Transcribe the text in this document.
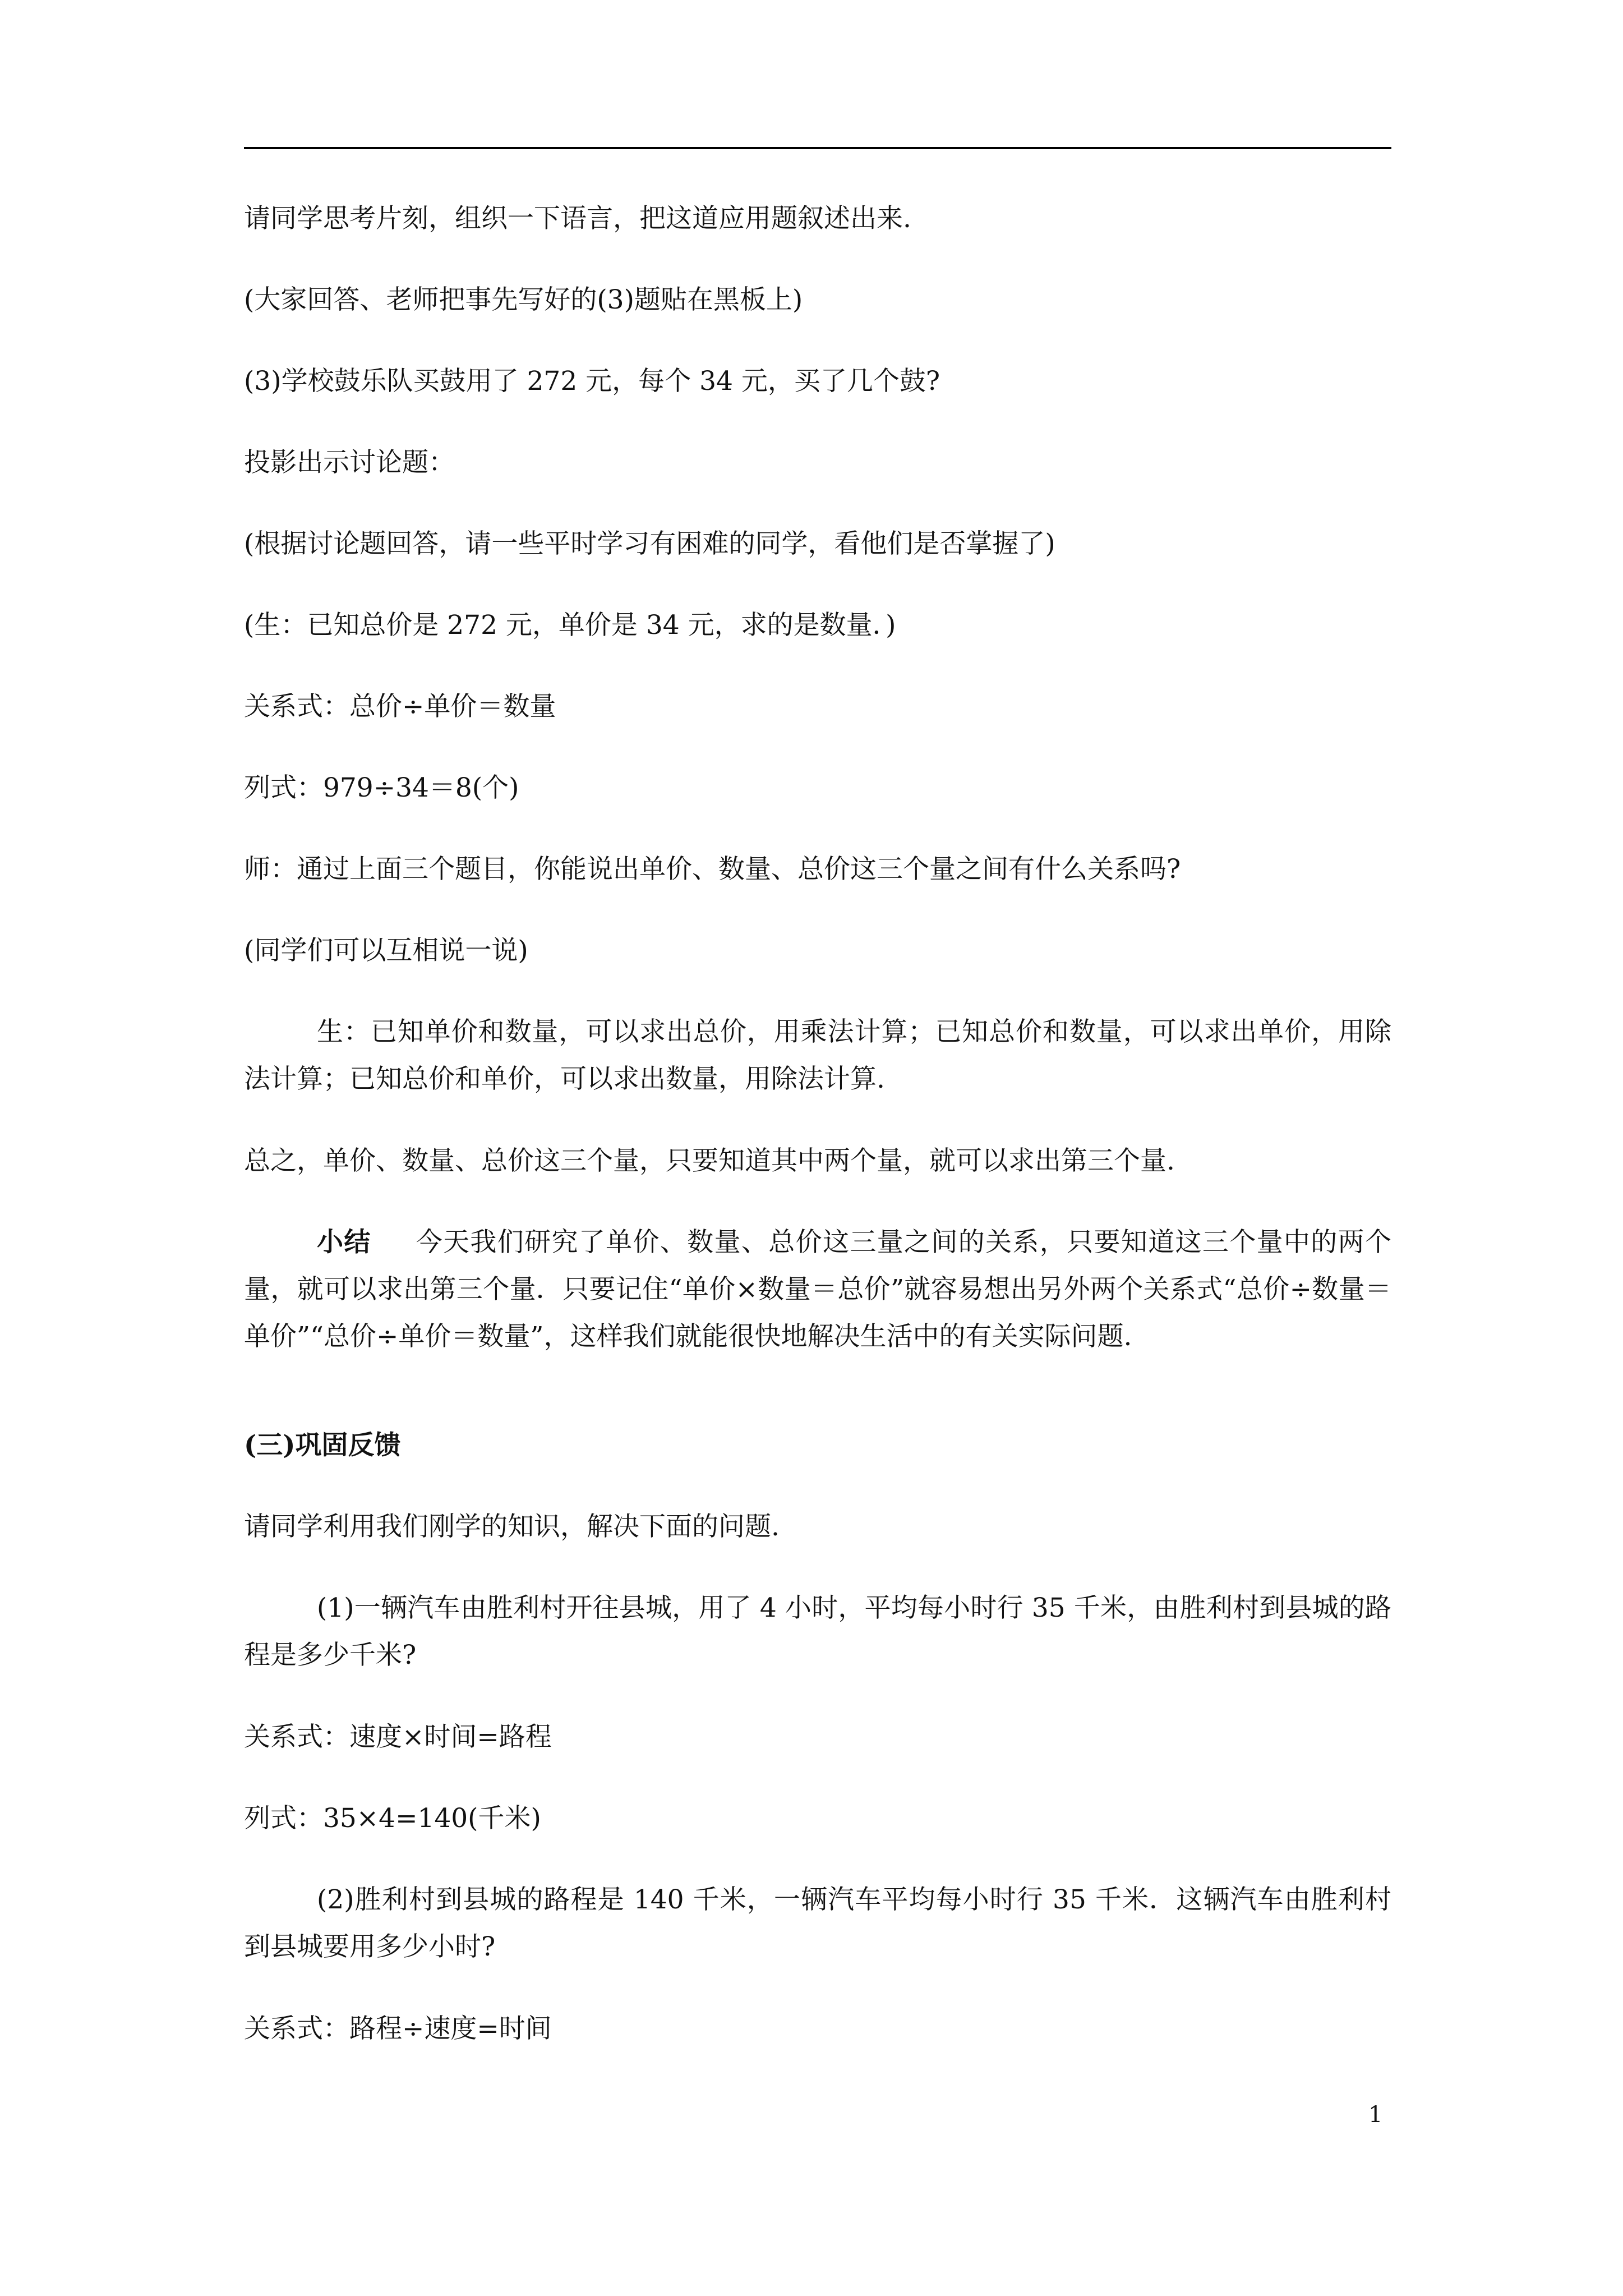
请同学思考片刻，组织一下语言，把这道应用题叙述出来.

(大家回答、老师把事先写好的(3)题贴在黑板上)

(3)学校鼓乐队买鼓用了 272 元，每个 34 元，买了几个鼓?

投影出示讨论题：

(根据讨论题回答，请一些平时学习有困难的同学，看他们是否掌握了)

(生：已知总价是 272 元，单价是 34 元，求的是数量．)

关系式：总价÷单价＝数量

列式：979÷34＝8(个)

师：通过上面三个题目，你能说出单价、数量、总价这三个量之间有什么关系吗?

(同学们可以互相说一说)

生：已知单价和数量，可以求出总价，用乘法计算；已知总价和数量，可以求出单价，用除法计算；已知总价和单价，可以求出数量，用除法计算.

总之，单价、数量、总价这三个量，只要知道其中两个量，就可以求出第三个量.

小结 今天我们研究了单价、数量、总价这三量之间的关系，只要知道这三个量中的两个量，就可以求出第三个量．只要记住“单价×数量＝总价”就容易想出另外两个关系式“总价÷数量＝单价”“总价÷单价＝数量”，这样我们就能很快地解决生活中的有关实际问题.

(三)巩固反馈

请同学利用我们刚学的知识，解决下面的问题.

(1)一辆汽车由胜利村开往县城，用了 4 小时，平均每小时行 35 千米，由胜利村到县城的路程是多少千米?

关系式：速度×时间=路程

列式：35×4=140(千米)

(2)胜利村到县城的路程是 140 千米，一辆汽车平均每小时行 35 千米．这辆汽车由胜利村到县城要用多少小时?

关系式：路程÷速度=时间

1
